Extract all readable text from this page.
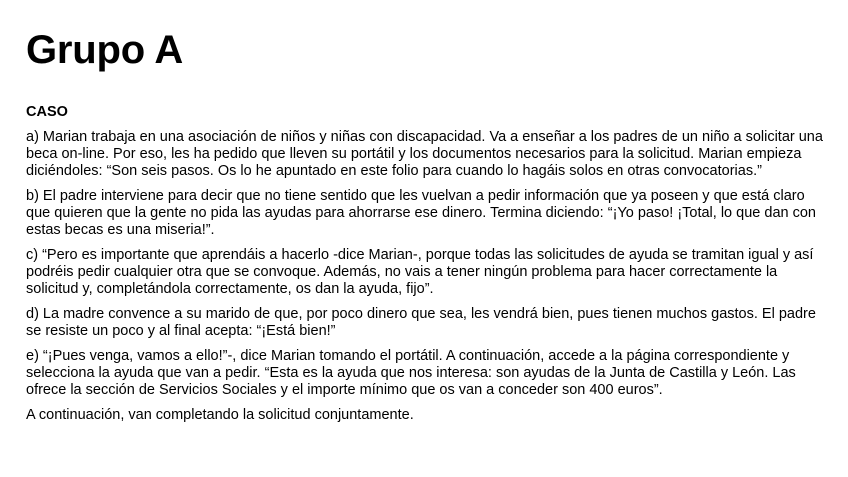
Grupo A
CASO

a) Marian trabaja en una asociación de niños y niñas con discapacidad. Va a enseñar a los padres de un niño a solicitar una beca on-line. Por eso, les ha pedido que lleven su portátil y los documentos necesarios para la solicitud. Marian empieza diciéndoles: “Son seis pasos. Os lo he apuntado en este folio para cuando lo hagáis solos en otras convocatorias.”

b) El padre interviene para decir que no tiene sentido que les vuelvan a pedir información que ya poseen y que está claro que quieren que la gente no pida las ayudas para ahorrarse ese dinero. Termina diciendo: “¡Yo paso! ¡Total, lo que dan con estas becas es una miseria!”.

c) “Pero es importante que aprendáis a hacerlo -dice Marian-, porque todas las solicitudes de ayuda se tramitan igual y así podréis pedir cualquier otra que se convoque. Además, no vais a tener ningún problema para hacer correctamente la solicitud y, completándola correctamente, os dan la ayuda, fijo”.

d) La madre convence a su marido de que, por poco dinero que sea, les vendrá bien, pues tienen muchos gastos. El padre se resiste un poco y al final acepta: “¡Está bien!”

e) “¡Pues venga, vamos a ello!”-, dice Marian tomando el portátil. A continuación, accede a la página correspondiente y selecciona la ayuda que van a pedir. “Esta es la ayuda que nos interesa: son ayudas de la Junta de Castilla y León. Las ofrece la sección de Servicios Sociales y el importe mínimo que os van a conceder son 400 euros”.

A continuación, van completando la solicitud conjuntamente.
